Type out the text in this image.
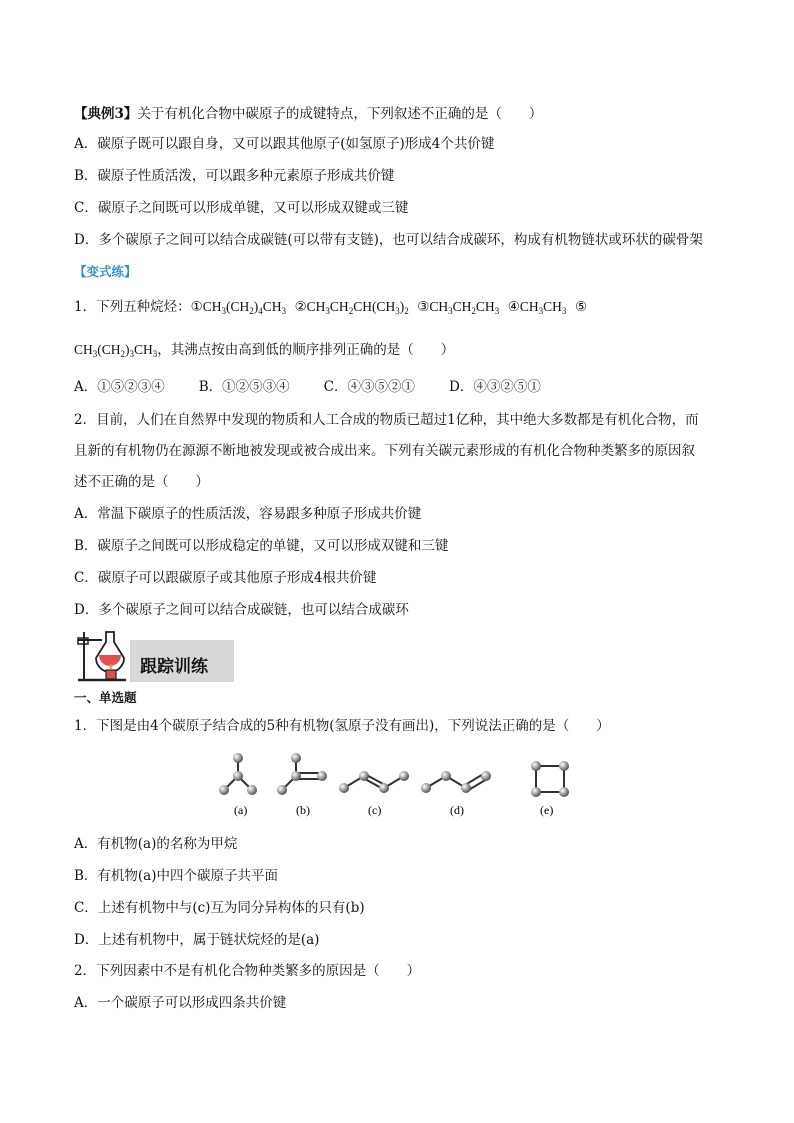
【典例3】关于有机化合物中碳原子的成键特点，下列叙述不正确的是（　　）
A．碳原子既可以跟自身，又可以跟其他原子(如氢原子)形成4个共价键
B．碳原子性质活泼，可以跟多种元素原子形成共价键
C．碳原子之间既可以形成单键，又可以形成双键或三键
D．多个碳原子之间可以结合成碳链(可以带有支链)，也可以结合成碳环，构成有机物链状或环状的碳骨架
【变式练】
1．下列五种烷烃：$①CH_3(CH_2)_4CH_3$ $②CH_3CH_2CH(CH_3)_2$ $③CH_3CH_2CH_3$ $④CH_3CH_3$ ⑤
$CH_3(CH_2)_3CH_3$，其沸点按由高到低的顺序排列正确的是（　　）
A．①⑤②③④	B．①②⑤③④	C．④③⑤②①	D．④③②⑤①
2．目前，人们在自然界中发现的物质和人工合成的物质已超过1亿种，其中绝大多数都是有机化合物，而
且新的有机物仍在源源不断地被发现或被合成出来。下列有关碳元素形成的有机化合物种类繁多的原因叙
述不正确的是（　　）
A．常温下碳原子的性质活泼，容易跟多种原子形成共价键
B．碳原子之间既可以形成稳定的单键，又可以形成双键和三键
C．碳原子可以跟碳原子或其他原子形成4根共价键
D．多个碳原子之间可以结合成碳链，也可以结合成碳环
跟踪训练
一、单选题
1．下图是由4个碳原子结合成的5种有机物(氢原子没有画出)，下列说法正确的是（　　）
(a)	(b)	(c)	(d)	(e)
A．有机物(a)的名称为甲烷
B．有机物(a)中四个碳原子共平面
C．上述有机物中与(c)互为同分异构体的只有(b)
D．上述有机物中，属于链状烷烃的是(a)
2．下列因素中不是有机化合物种类繁多的原因是（　　）
A．一个碳原子可以形成四条共价键
